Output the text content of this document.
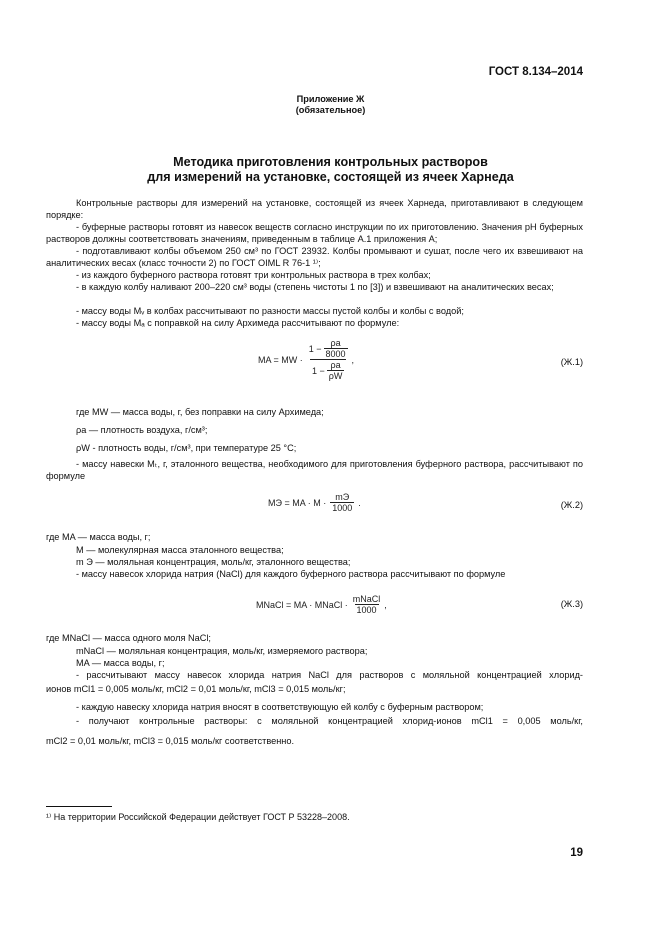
ГОСТ 8.134–2014
Приложение Ж
(обязательное)
Методика приготовления контрольных растворов
для измерений на установке, состоящей из ячеек Харнеда
Контрольные растворы для измерений на установке, состоящей из ячеек Харнеда, приготавливают в следующем порядке:
- буферные растворы готовят из навесок веществ согласно инструкции по их приготовлению. Значения pH буферных растворов должны соответствовать значениям, приведенным в таблице А.1 приложения А;
- подготавливают колбы объемом 250 см³ по ГОСТ 23932. Колбы промывают и сушат, после чего их взвешивают на аналитических весах (класс точности 2) по ГОСТ OIML R 76-1 ¹⁾;
- из каждого буферного раствора готовят три контрольных раствора в трех колбах;
- в каждую колбу наливают 200–220 см³ воды (степень чистоты 1 по [3]) и взвешивают на аналитических весах;
- массу воды Mᵥ в колбах рассчитывают по разности массы пустой колбы и колбы с водой;
- массу воды Mₐ с поправкой на силу Архимеда рассчитывают по формуле:
MA = MW · $\frac{1 - \frac{\rho a}{8000}}{1 - \frac{\rho a}{\rho W}}$ ,	(Ж.1)
где MW — масса воды, г, без поправки на силу Архимеда;
ρa — плотность воздуха, г/см³;
ρW - плотность воды, г/см³, при температуре 25 °С;
- массу навески Mₜ, г, эталонного вещества, необходимого для приготовления буферного раствора, рассчитывают по формуле
MЭ = MA · $M \cdot \frac{mЭ}{1000}$ .	(Ж.2)
где MA — масса воды, г;
M — молекулярная масса эталонного вещества;
m Э — моляльная концентрация, моль/кг, эталонного вещества;
- массу навесок хлорида натрия (NaCl) для каждого буферного раствора рассчитывают по формуле
MNaCl = MA · MNaCl · $\frac{\text{mNaCl}}{1000}$ ,	(Ж.3)
где MNaCl — масса одного моля NaCl;
mNaCl — моляльная концентрация, моль/кг, измеряемого раствора;
MA — масса воды, г;
- рассчитывают массу навесок хлорида натрия NaCl для растворов с моляльной концентрацией хлорид-
ионов mCl1 = 0,005 моль/кг, mCl2 = 0,01 моль/кг, mCl3 = 0,015 моль/кг;
- каждую навеску хлорида натрия вносят в соответствующую ей колбу с буферным раствором;
- получают контрольные растворы: с моляльной концентрацией хлорид-ионов mCl1 = 0,005 моль/кг,
mCl2 = 0,01 моль/кг, mCl3 = 0,015 моль/кг соответственно.
¹⁾ На территории Российской Федерации действует ГОСТ Р 53228–2008.
19
